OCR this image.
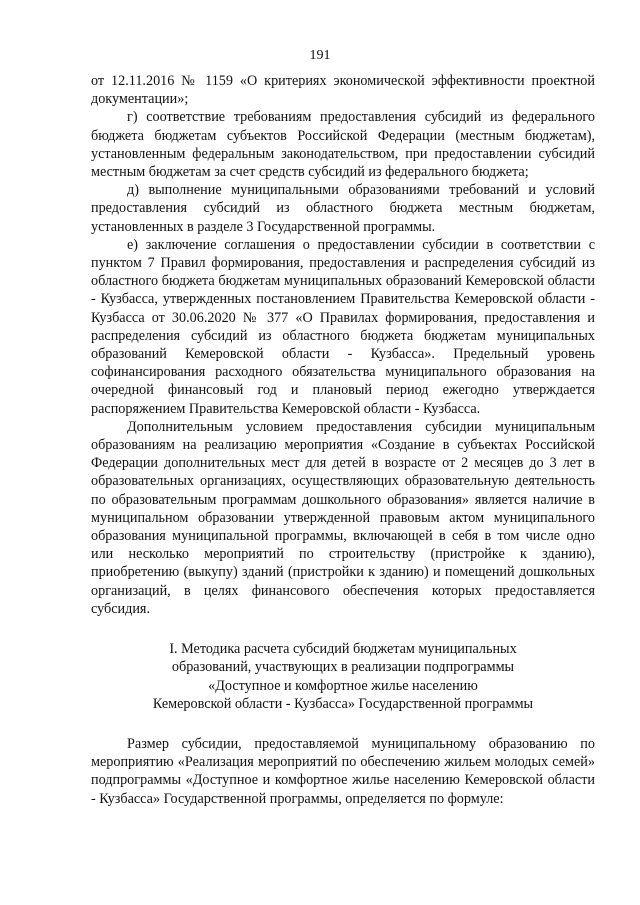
191

от 12.11.2016 № 1159 «О критериях экономической эффективности проектной документации»;

г) соответствие требованиям предоставления субсидий из федерального бюджета бюджетам субъектов Российской Федерации (местным бюджетам), установленным федеральным законодательством, при предоставлении субсидий местным бюджетам за счет средств субсидий из федерального бюджета;

д) выполнение муниципальными образованиями требований и условий предоставления субсидий из областного бюджета местным бюджетам, установленных в разделе 3 Государственной программы.

е) заключение соглашения о предоставлении субсидии в соответствии с пунктом 7 Правил формирования, предоставления и распределения субсидий из областного бюджета бюджетам муниципальных образований Кемеровской области - Кузбасса, утвержденных постановлением Правительства Кемеровской области - Кузбасса от 30.06.2020 № 377 «О Правилах формирования, предоставления и распределения субсидий из областного бюджета бюджетам муниципальных образований Кемеровской области - Кузбасса». Предельный уровень софинансирования расходного обязательства муниципального образования на очередной финансовый год и плановый период ежегодно утверждается распоряжением Правительства Кемеровской области - Кузбасса.

Дополнительным условием предоставления субсидии муниципальным образованиям на реализацию мероприятия «Создание в субъектах Российской Федерации дополнительных мест для детей в возрасте от 2 месяцев до 3 лет в образовательных организациях, осуществляющих образовательную деятельность по образовательным программам дошкольного образования» является наличие в муниципальном образовании утвержденной правовым актом муниципального образования муниципальной программы, включающей в себя в том числе одно или несколько мероприятий по строительству (пристройке к зданию), приобретению (выкупу) зданий (пристройки к зданию) и помещений дошкольных организаций, в целях финансового обеспечения которых предоставляется субсидия.

I. Методика расчета субсидий бюджетам муниципальных
образований, участвующих в реализации подпрограммы
«Доступное и комфортное жилье населению
Кемеровской области - Кузбасса» Государственной программы

Размер субсидии, предоставляемой муниципальному образованию по мероприятию «Реализация мероприятий по обеспечению жильем молодых семей» подпрограммы «Доступное и комфортное жилье населению Кемеровской области - Кузбасса» Государственной программы, определяется по формуле:
